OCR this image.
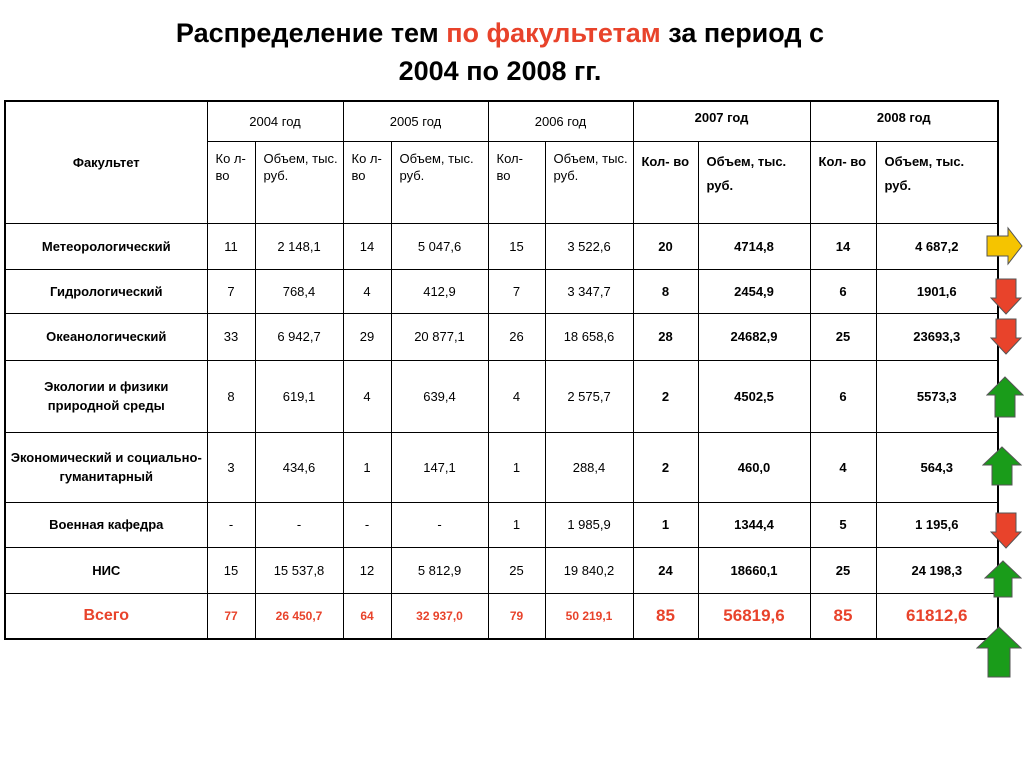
Распределение тем по факультетам за период с
2004 по 2008 гг.
Факультет	2004 год		2005 год		2006 год		2007 год		2008 год	
	Ко л- во	Объем, тыс. руб.	Ко л- во	Объем, тыс. руб.	Кол- во	Объем, тыс. руб.	Кол- во	Объем, тыс. руб.	Кол- во	Объем, тыс. руб.
Метеорологический	11	2 148,1	14	5 047,6	15	3 522,6	20	4714,8	14	4 687,2
Гидрологический	7	768,4	4	412,9	7	3 347,7	8	2454,9	6	1901,6
Океанологический	33	6 942,7	29	20 877,1	26	18 658,6	28	24682,9	25	23693,3
Экологии и физики природной среды	8	619,1	4	639,4	4	2 575,7	2	4502,5	6	5573,3
Экономический и социально-гуманитарный	3	434,6	1	147,1	1	288,4	2	460,0	4	564,3
Военная кафедра	-	-	-	-	1	1 985,9	1	1344,4	5	1 195,6
НИС	15	15 537,8	12	5 812,9	25	19 840,2	24	18660,1	25	24 198,3
Всего	77	26 450,7	64	32 937,0	79	50 219,1	85	56819,6	85	61812,6
